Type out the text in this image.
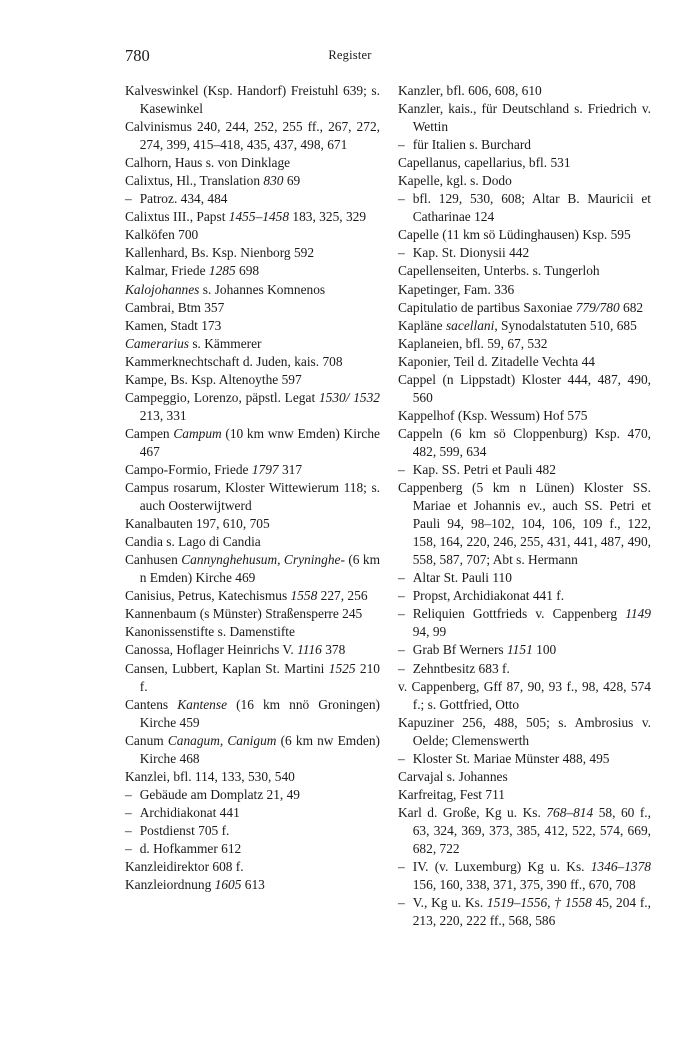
780	Register

Kalveswinkel (Ksp. Handorf) Freistuhl 639; s. Kasewinkel

Calvinismus 240, 244, 252, 255 ff., 267, 272, 274, 399, 415–418, 435, 437, 498, 671

Calhorn, Haus s. von Dinklage

Calixtus, Hl., Translation 830 69

– Patroz. 434, 484

Calixtus III., Papst 1455–1458 183, 325, 329

Kalköfen 700

Kallenhard, Bs. Ksp. Nienborg 592

Kalmar, Friede 1285 698

Kalojohannes s. Johannes Komnenos

Cambrai, Btm 357

Kamen, Stadt 173

Camerarius s. Kämmerer

Kammerknechtschaft d. Juden, kais. 708

Kampe, Bs. Ksp. Altenoythe 597

Campeggio, Lorenzo, päpstl. Legat 1530/ 1532 213, 331

Campen Campum (10 km wnw Emden) Kirche 467

Campo-Formio, Friede 1797 317

Campus rosarum, Kloster Wittewierum 118; s. auch Oosterwijtwerd

Kanalbauten 197, 610, 705

Candia s. Lago di Candia

Canhusen Cannynghehusum, Cryninghe- (6 km n Emden) Kirche 469

Canisius, Petrus, Katechismus 1558 227, 256

Kannenbaum (s Münster) Straßensperre 245

Kanonissenstifte s. Damenstifte

Canossa, Hoflager Heinrichs V. 1116 378

Cansen, Lubbert, Kaplan St. Martini 1525 210 f.

Cantens Kantense (16 km nnö Groningen) Kirche 459

Canum Canagum, Canigum (6 km nw Emden) Kirche 468

Kanzlei, bfl. 114, 133, 530, 540

– Gebäude am Domplatz 21, 49

– Archidiakonat 441

– Postdienst 705 f.

– d. Hofkammer 612

Kanzleidirektor 608 f.

Kanzleiordnung 1605 613

Kanzler, bfl. 606, 608, 610

Kanzler, kais., für Deutschland s. Friedrich v. Wettin

– für Italien s. Burchard

Capellanus, capellarius, bfl. 531

Kapelle, kgl. s. Dodo

– bfl. 129, 530, 608; Altar B. Mauricii et Catharinae 124

Capelle (11 km sö Lüdinghausen) Ksp. 595

– Kap. St. Dionysii 442

Capellenseiten, Unterbs. s. Tungerloh

Kapetinger, Fam. 336

Capitulatio de partibus Saxoniae 779/780 682

Kapläne sacellani, Synodalstatuten 510, 685

Kaplaneien, bfl. 59, 67, 532

Kaponier, Teil d. Zitadelle Vechta 44

Cappel (n Lippstadt) Kloster 444, 487, 490, 560

Kappelhof (Ksp. Wessum) Hof 575

Cappeln (6 km sö Cloppenburg) Ksp. 470, 482, 599, 634

– Kap. SS. Petri et Pauli 482

Cappenberg (5 km n Lünen) Kloster SS. Mariae et Johannis ev., auch SS. Petri et Pauli 94, 98–102, 104, 106, 109 f., 122, 158, 164, 220, 246, 255, 431, 441, 487, 490, 558, 587, 707; Abt s. Hermann

– Altar St. Pauli 110

– Propst, Archidiakonat 441 f.

– Reliquien Gottfrieds v. Cappenberg 1149 94, 99

– Grab Bf Werners 1151 100

– Zehntbesitz 683 f.

v. Cappenberg, Gff 87, 90, 93 f., 98, 428, 574 f.; s. Gottfried, Otto

Kapuziner 256, 488, 505; s. Ambrosius v. Oelde; Clemenswerth

– Kloster St. Mariae Münster 488, 495

Carvajal s. Johannes

Karfreitag, Fest 711

Karl d. Große, Kg u. Ks. 768–814 58, 60 f., 63, 324, 369, 373, 385, 412, 522, 574, 669, 682, 722

– IV. (v. Luxemburg) Kg u. Ks. 1346–1378 156, 160, 338, 371, 375, 390 ff., 670, 708

– V., Kg u. Ks. 1519–1556, † 1558 45, 204 f., 213, 220, 222 ff., 568, 586
